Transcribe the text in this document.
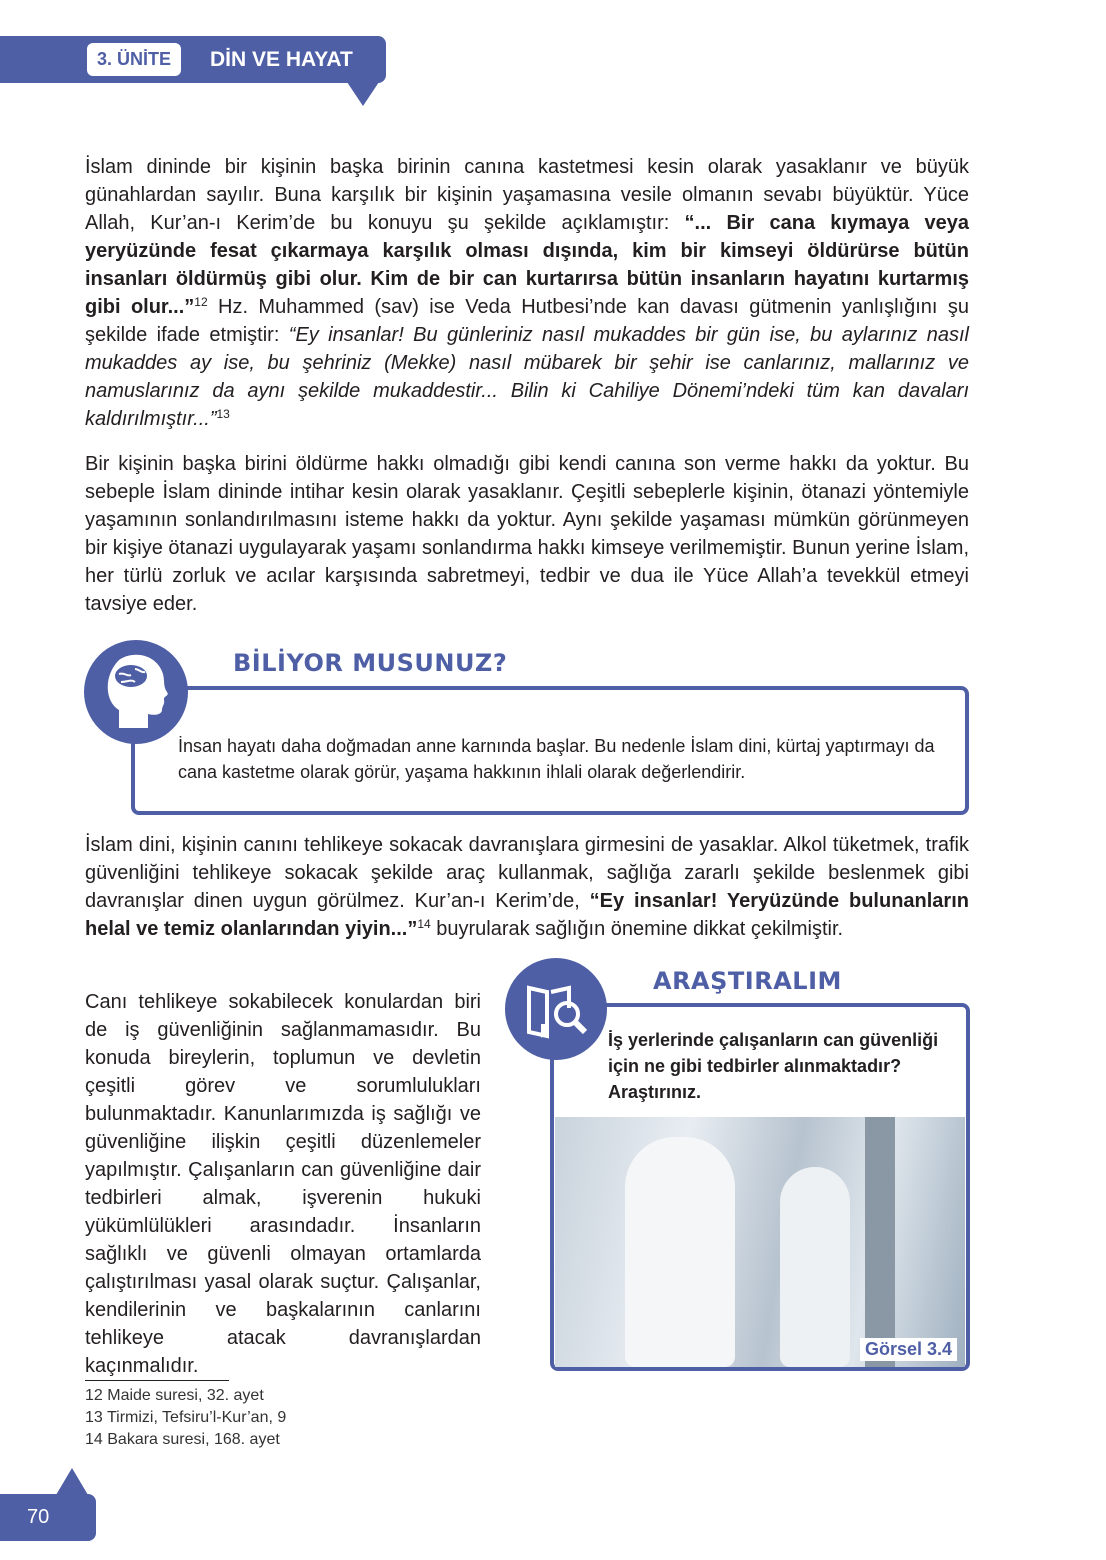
3. ÜNİTE	DİN VE HAYAT

İslam dininde bir kişinin başka birinin canına kastetmesi kesin olarak yasaklanır ve büyük günahlardan sayılır. Buna karşılık bir kişinin yaşamasına vesile olmanın sevabı büyüktür. Yüce Allah, Kur’an-ı Kerim’de bu konuyu şu şekilde açıklamıştır: “... Bir cana kıymaya veya yeryüzünde fesat çıkarmaya karşılık olması dışında, kim bir kimseyi öldürürse bütün insanları öldürmüş gibi olur. Kim de bir can kurtarırsa bütün insanların hayatını kurtarmış gibi olur...”$^{12}$ Hz. Muhammed (sav) ise Veda Hutbesi’nde kan davası gütmenin yanlışlığını şu şekilde ifade etmiştir: “Ey insanlar! Bu günleriniz nasıl mukaddes bir gün ise, bu aylarınız nasıl mukaddes ay ise, bu şehriniz (Mekke) nasıl mübarek bir şehir ise canlarınız, mallarınız ve namuslarınız da aynı şekilde mukaddestir... Bilin ki Cahiliye Dönemi’ndeki tüm kan davaları kaldırılmıştır...”$^{13}$

Bir kişinin başka birini öldürme hakkı olmadığı gibi kendi canına son verme hakkı da yoktur. Bu sebeple İslam dininde intihar kesin olarak yasaklanır. Çeşitli sebeplerle kişinin, ötanazi yöntemiyle yaşamının sonlandırılmasını isteme hakkı da yoktur. Aynı şekilde yaşaması mümkün görünmeyen bir kişiye ötanazi uygulayarak yaşamı sonlandırma hakkı kimseye verilmemiştir. Bunun yerine İslam, her türlü zorluk ve acılar karşısında sabretmeyi, tedbir ve dua ile Yüce Allah’a tevekkül etmeyi tavsiye eder.

BİLİYOR MUSUNUZ?

İnsan hayatı daha doğmadan anne karnında başlar. Bu nedenle İslam dini, kürtaj yaptırmayı da cana kastetme olarak görür, yaşama hakkının ihlali olarak değerlendirir.

İslam dini, kişinin canını tehlikeye sokacak davranışlara girmesini de yasaklar. Alkol tüketmek, trafik güvenliğini tehlikeye sokacak şekilde araç kullanmak, sağlığa zararlı şekilde beslenmek gibi davranışlar dinen uygun görülmez. Kur’an-ı Kerim’de, “Ey insanlar! Yeryüzünde bulunanların helal ve temiz olanlarından yiyin...”$^{14}$ buyrularak sağlığın önemine dikkat çekilmiştir.

Canı tehlikeye sokabilecek konulardan biri de iş güvenliğinin sağlanmamasıdır. Bu konuda bireylerin, toplumun ve devletin çeşitli görev ve sorumlulukları bulunmaktadır. Kanunlarımızda iş sağlığı ve güvenliğine ilişkin çeşitli düzenlemeler yapılmıştır. Çalışanların can güvenliğine dair tedbirleri almak, işverenin hukuki yükümlülükleri arasındadır. İnsanların sağlıklı ve güvenli olmayan ortamlarda çalıştırılması yasal olarak suçtur. Çalışanlar, kendilerinin ve başkalarının canlarını tehlikeye atacak davranışlardan kaçınmalıdır.

12 Maide suresi, 32. ayet
13 Tirmizi, Tefsiru’l-Kur’an, 9
14 Bakara suresi, 168. ayet
ARAŞTIRALIM

İş yerlerinde çalışanların can güvenliği için ne gibi tedbirler alınmaktadır? Araştırınız.

Görsel 3.4
70
